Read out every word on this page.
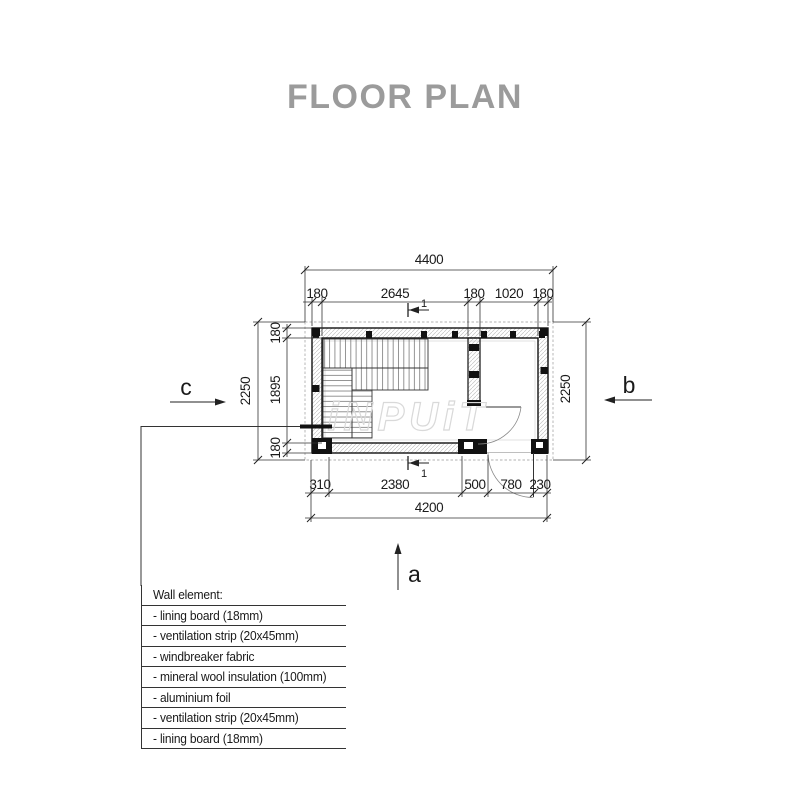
FLOOR PLAN
iNPUiT
4400
180	2645	180 1020 180
2250
180
1895
180
2250
310	2380	500 780 230
4200
1
1
c	b
a
Wall element:
- lining board (18mm)
- ventilation strip (20x45mm)
- windbreaker fabric
- mineral wool insulation (100mm)
- aluminium foil
- ventilation strip (20x45mm)
- lining board (18mm)
